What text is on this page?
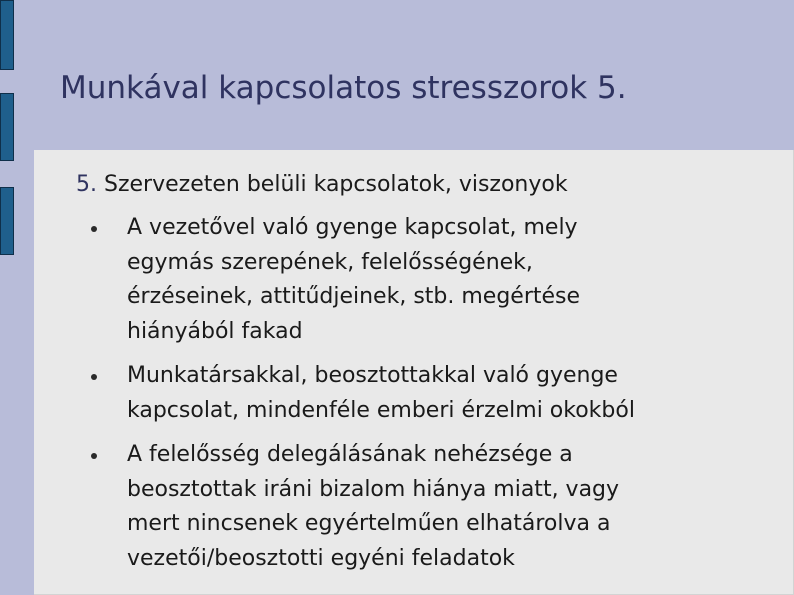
Munkával kapcsolatos stresszorok 5.
5. Szervezeten belüli kapcsolatok, viszonyok
A vezetővel való gyenge kapcsolat, mely
egymás szerepének, felelősségének,
érzéseinek, attitűdjeinek, stb. megértése
hiányából fakad
Munkatársakkal, beosztottakkal való gyenge
kapcsolat, mindenféle emberi érzelmi okokból
A felelősség delegálásának nehézsége a
beosztottak iráni bizalom hiánya miatt, vagy
mert nincsenek egyértelműen elhatárolva a
vezetői/beosztotti egyéni feladatok
